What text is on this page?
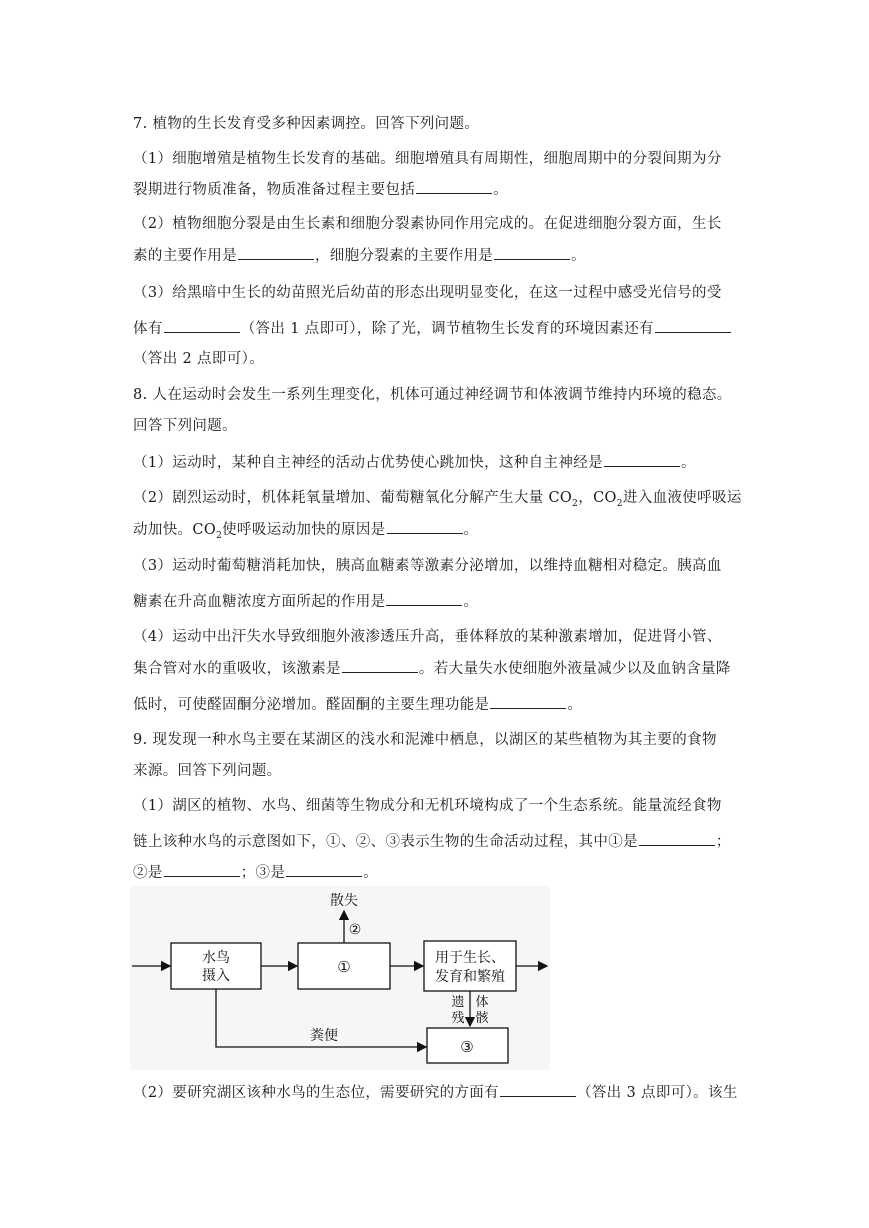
7. 植物的生长发育受多种因素调控。回答下列问题。
（1）细胞增殖是植物生长发育的基础。细胞增殖具有周期性，细胞周期中的分裂间期为分
裂期进行物质准备，物质准备过程主要包括	。
（2）植物细胞分裂是由生长素和细胞分裂素协同作用完成的。在促进细胞分裂方面，生长
素的主要作用是	，细胞分裂素的主要作用是	。
（3）给黑暗中生长的幼苗照光后幼苗的形态出现明显变化，在这一过程中感受光信号的受
体有	（答出 1 点即可），除了光，调节植物生长发育的环境因素还有
（答出 2 点即可）。
8. 人在运动时会发生一系列生理变化，机体可通过神经调节和体液调节维持内环境的稳态。
回答下列问题。
（1）运动时，某种自主神经的活动占优势使心跳加快，这种自主神经是	。
（2）剧烈运动时，机体耗氧量增加、葡萄糖氧化分解产生大量 $CO_2$，$CO_2$进入血液使呼吸运
动加快。$CO_2$使呼吸运动加快的原因是	。
（3）运动时葡萄糖消耗加快，胰高血糖素等激素分泌增加，以维持血糖相对稳定。胰高血
糖素在升高血糖浓度方面所起的作用是	。
（4）运动中出汗失水导致细胞外液渗透压升高，垂体释放的某种激素增加，促进肾小管、
集合管对水的重吸收，该激素是	。若大量失水使细胞外液量减少以及血钠含量降
低时，可使醛固酮分泌增加。醛固酮的主要生理功能是	。
9. 现发现一种水鸟主要在某湖区的浅水和泥滩中栖息，以湖区的某些植物为其主要的食物
来源。回答下列问题。
（1）湖区的植物、水鸟、细菌等生物成分和无机环境构成了一个生态系统。能量流经食物
链上该种水鸟的示意图如下，①、②、③表示生物的生命活动过程，其中①是	；
②是	；③是	。
水鸟
摄入	①	用于生长、
发育和繁殖
③
散失
②
遗
残
体
骸
粪便
（2）要研究湖区该种水鸟的生态位，需要研究的方面有	（答出 3 点即可）。该生
